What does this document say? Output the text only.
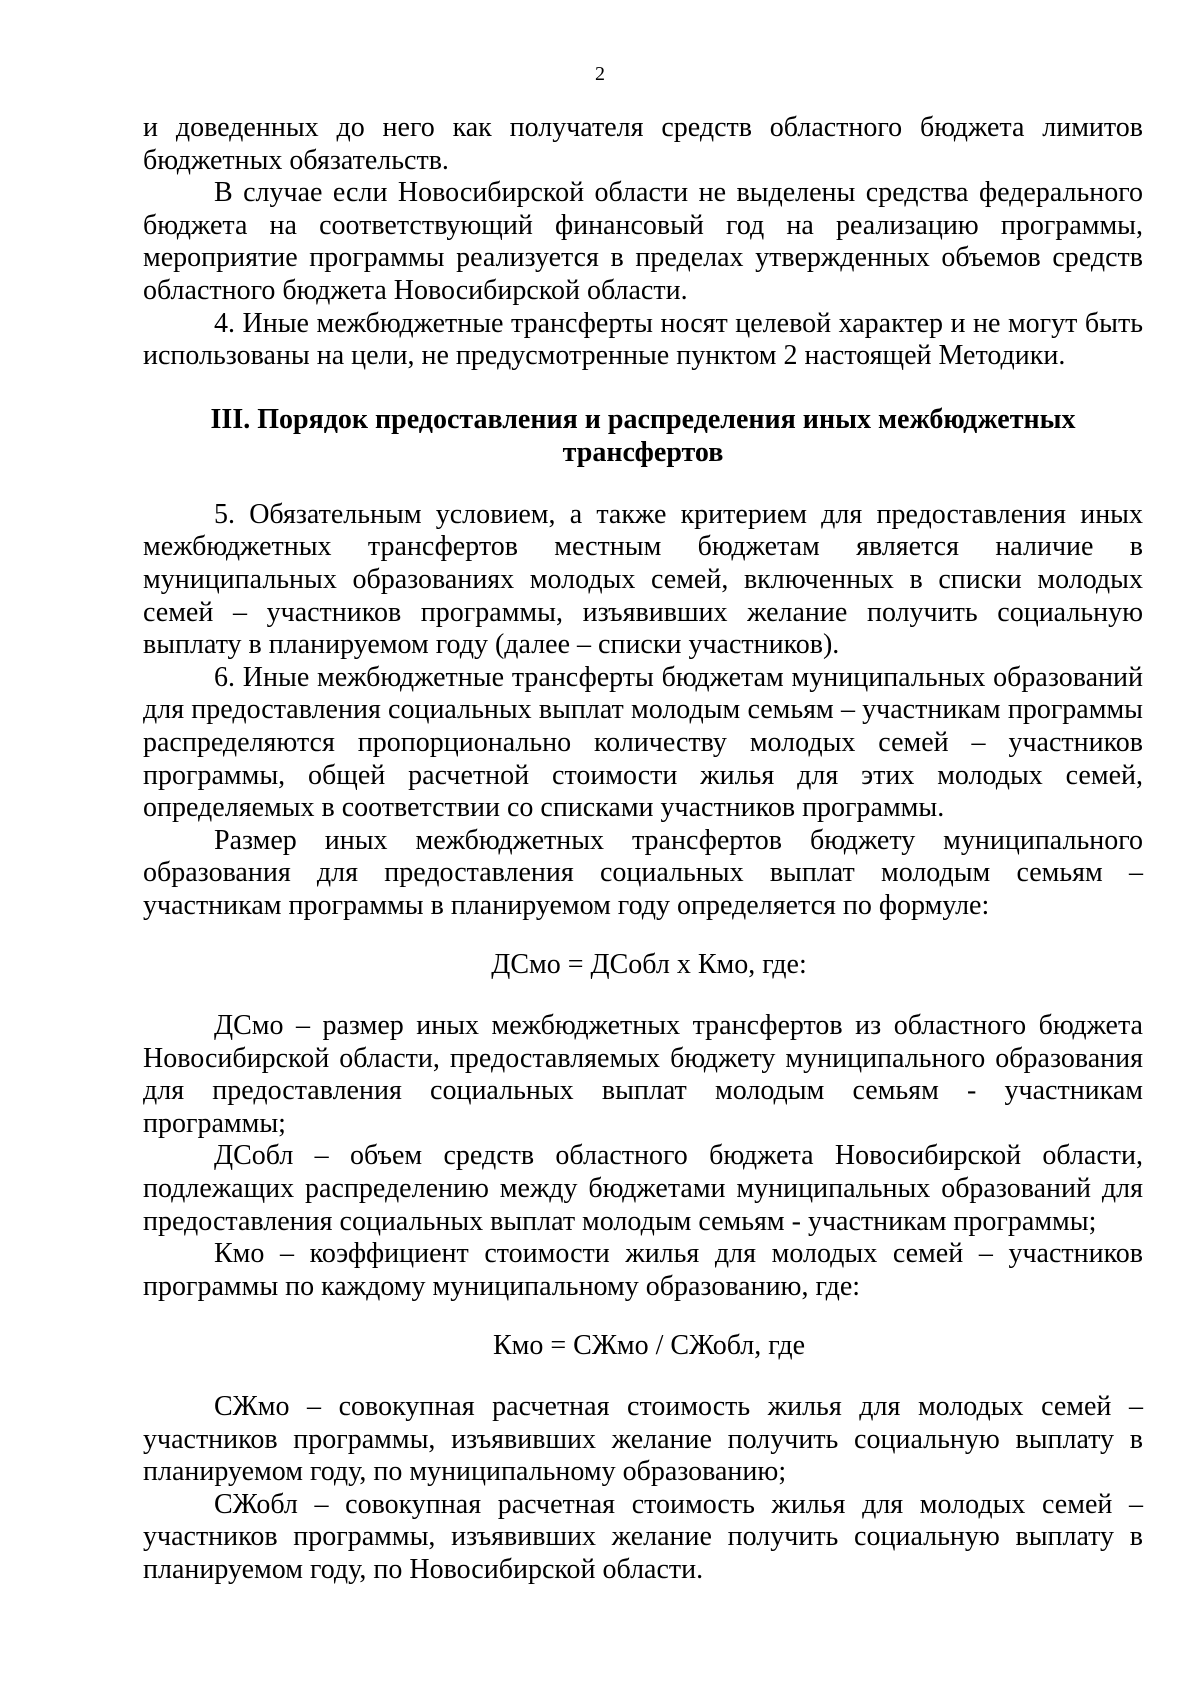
2

и доведенных до него как получателя средств областного бюджета лимитов бюджетных обязательств.

В случае если Новосибирской области не выделены средства федерального бюджета на соответствующий финансовый год на реализацию программы, мероприятие программы реализуется в пределах утвержденных объемов средств областного бюджета Новосибирской области.

4. Иные межбюджетные трансферты носят целевой характер и не могут быть использованы на цели, не предусмотренные пунктом 2 настоящей Методики.

III. Порядок предоставления и распределения иных межбюджетных трансфертов

5. Обязательным условием, а также критерием для предоставления иных межбюджетных трансфертов местным бюджетам является наличие в муниципальных образованиях молодых семей, включенных в списки молодых семей – участников программы, изъявивших желание получить социальную выплату в планируемом году (далее – списки участников).

6. Иные межбюджетные трансферты бюджетам муниципальных образований для предоставления социальных выплат молодым семьям – участникам программы распределяются пропорционально количеству молодых семей – участников программы, общей расчетной стоимости жилья для этих молодых семей, определяемых в соответствии со списками участников программы.

Размер иных межбюджетных трансфертов бюджету муниципального образования для предоставления социальных выплат молодым семьям – участникам программы в планируемом году определяется по формуле:

ДСмо = ДСобл х Кмо, где:

ДСмо – размер иных межбюджетных трансфертов из областного бюджета Новосибирской области, предоставляемых бюджету муниципального образования для предоставления социальных выплат молодым семьям - участникам программы;

ДСобл – объем средств областного бюджета Новосибирской области, подлежащих распределению между бюджетами муниципальных образований для предоставления социальных выплат молодым семьям - участникам программы;

Кмо – коэффициент стоимости жилья для молодых семей – участников программы по каждому муниципальному образованию, где:

Кмо = СЖмо / СЖобл, где

СЖмо – совокупная расчетная стоимость жилья для молодых семей – участников программы, изъявивших желание получить социальную выплату в планируемом году, по муниципальному образованию;

СЖобл – совокупная расчетная стоимость жилья для молодых семей – участников программы, изъявивших желание получить социальную выплату в планируемом году, по Новосибирской области.
